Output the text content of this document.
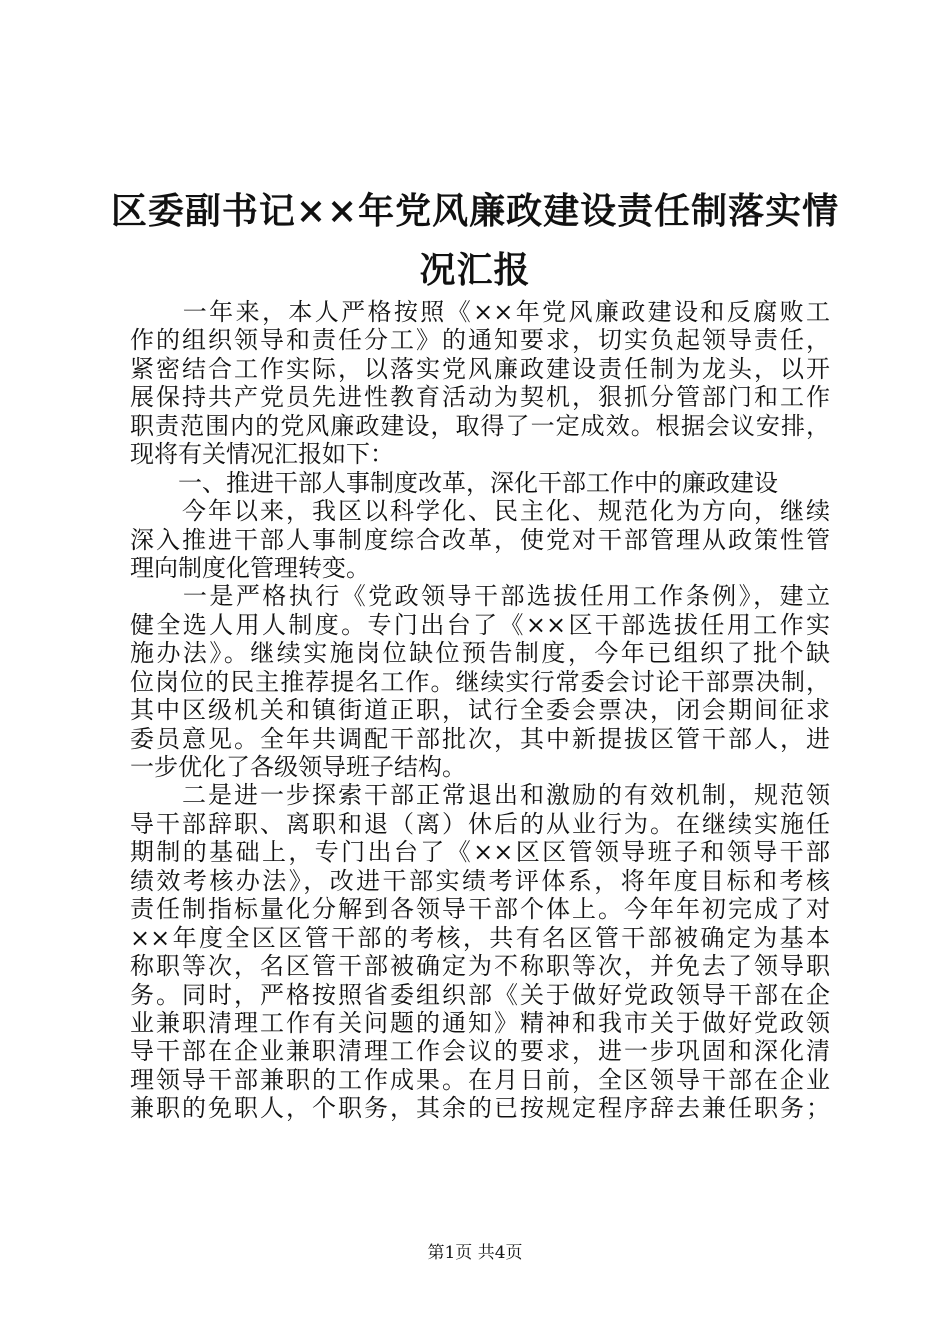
区委副书记××年党风廉政建设责任制落实情
况汇报
　　一年来，本人严格按照《××年党风廉政建设和反腐败工
作的组织领导和责任分工》的通知要求，切实负起领导责任，
紧密结合工作实际，以落实党风廉政建设责任制为龙头，以开
展保持共产党员先进性教育活动为契机，狠抓分管部门和工作
职责范围内的党风廉政建设，取得了一定成效。根据会议安排，
现将有关情况汇报如下：
　　一、推进干部人事制度改革，深化干部工作中的廉政建设
　　今年以来，我区以科学化、民主化、规范化为方向，继续
深入推进干部人事制度综合改革，使党对干部管理从政策性管
理向制度化管理转变。
　　一是严格执行《党政领导干部选拔任用工作条例》，建立
健全选人用人制度。专门出台了《××区干部选拔任用工作实
施办法》。继续实施岗位缺位预告制度，今年已组织了批个缺
位岗位的民主推荐提名工作。继续实行常委会讨论干部票决制，
其中区级机关和镇街道正职，试行全委会票决，闭会期间征求
委员意见。全年共调配干部批次，其中新提拔区管干部人，进
一步优化了各级领导班子结构。
　　二是进一步探索干部正常退出和激励的有效机制，规范领
导干部辞职、离职和退（离）休后的从业行为。在继续实施任
期制的基础上，专门出台了《××区区管领导班子和领导干部
绩效考核办法》，改进干部实绩考评体系，将年度目标和考核
责任制指标量化分解到各领导干部个体上。今年年初完成了对
××年度全区区管干部的考核，共有名区管干部被确定为基本
称职等次，名区管干部被确定为不称职等次，并免去了领导职
务。同时，严格按照省委组织部《关于做好党政领导干部在企
业兼职清理工作有关问题的通知》精神和我市关于做好党政领
导干部在企业兼职清理工作会议的要求，进一步巩固和深化清
理领导干部兼职的工作成果。在月日前，全区领导干部在企业
兼职的免职人，个职务，其余的已按规定程序辞去兼任职务；
第1页 共4页
